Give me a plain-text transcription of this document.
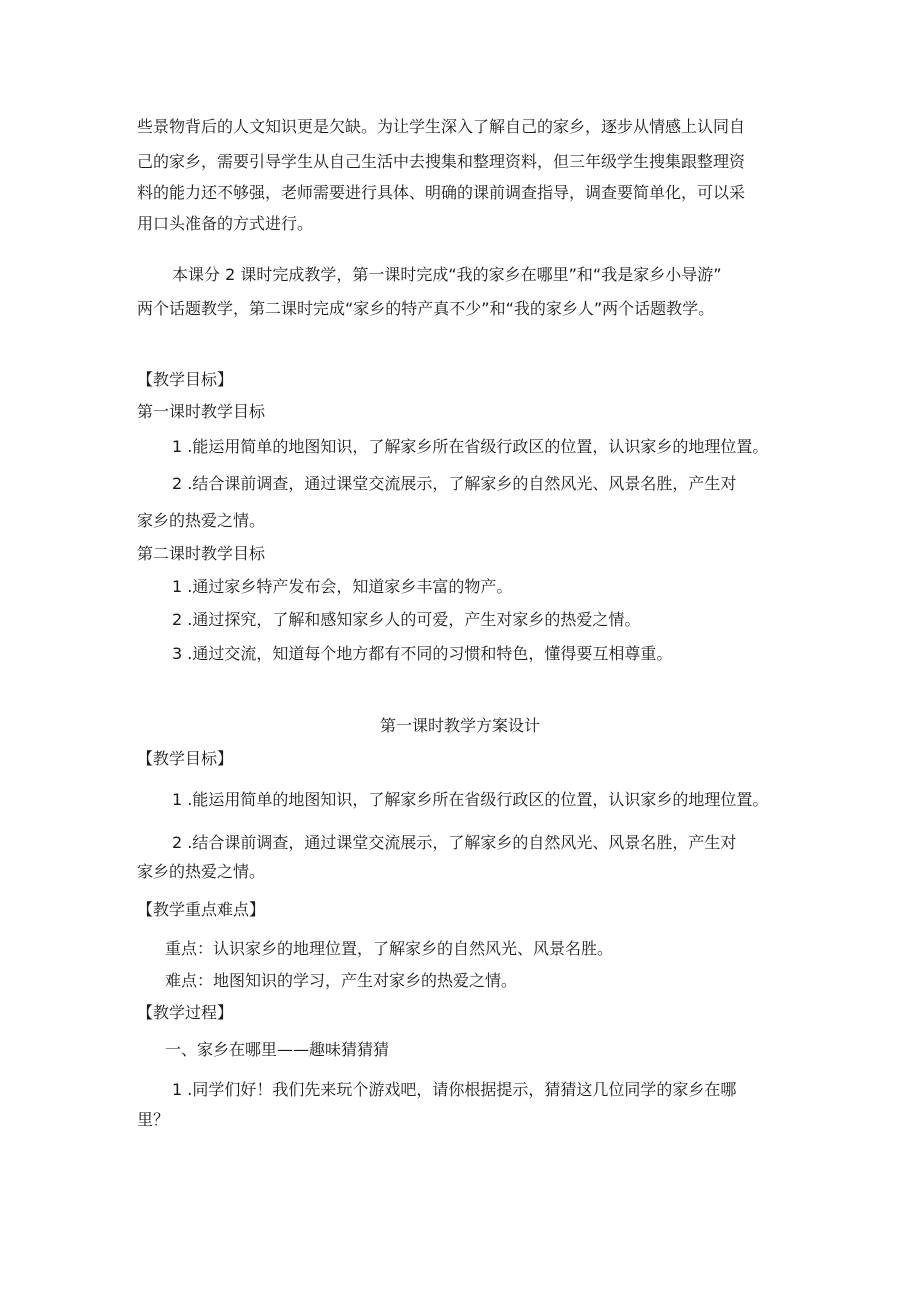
些景物背后的人文知识更是欠缺。为让学生深入了解自己的家乡，逐步从情感上认同自
己的家乡，需要引导学生从自己生活中去搜集和整理资料，但三年级学生搜集跟整理资
料的能力还不够强，老师需要进行具体、明确的课前调查指导，调查要简单化，可以采
用口头准备的方式进行。
本课分 2 课时完成教学，第一课时完成“我的家乡在哪里”和“我是家乡小导游”
两个话题教学，第二课时完成“家乡的特产真不少”和“我的家乡人”两个话题教学。
【教学目标】
第一课时教学目标
1 .能运用简单的地图知识，了解家乡所在省级行政区的位置，认识家乡的地理位置。
2 .结合课前调查，通过课堂交流展示，了解家乡的自然风光、风景名胜，产生对
家乡的热爱之情。
第二课时教学目标
1 .通过家乡特产发布会，知道家乡丰富的物产。
2 .通过探究，了解和感知家乡人的可爱，产生对家乡的热爱之情。
3 .通过交流，知道每个地方都有不同的习惯和特色，懂得要互相尊重。
第一课时教学方案设计
【教学目标】
1 .能运用简单的地图知识，了解家乡所在省级行政区的位置，认识家乡的地理位置。
2 .结合课前调查，通过课堂交流展示，了解家乡的自然风光、风景名胜，产生对
家乡的热爱之情。
【教学重点难点】
重点：认识家乡的地理位置，了解家乡的自然风光、风景名胜。
难点：地图知识的学习，产生对家乡的热爱之情。
【教学过程】
一、家乡在哪里——趣味猜猜猜
1 .同学们好！我们先来玩个游戏吧，请你根据提示，猜猜这几位同学的家乡在哪
里？
